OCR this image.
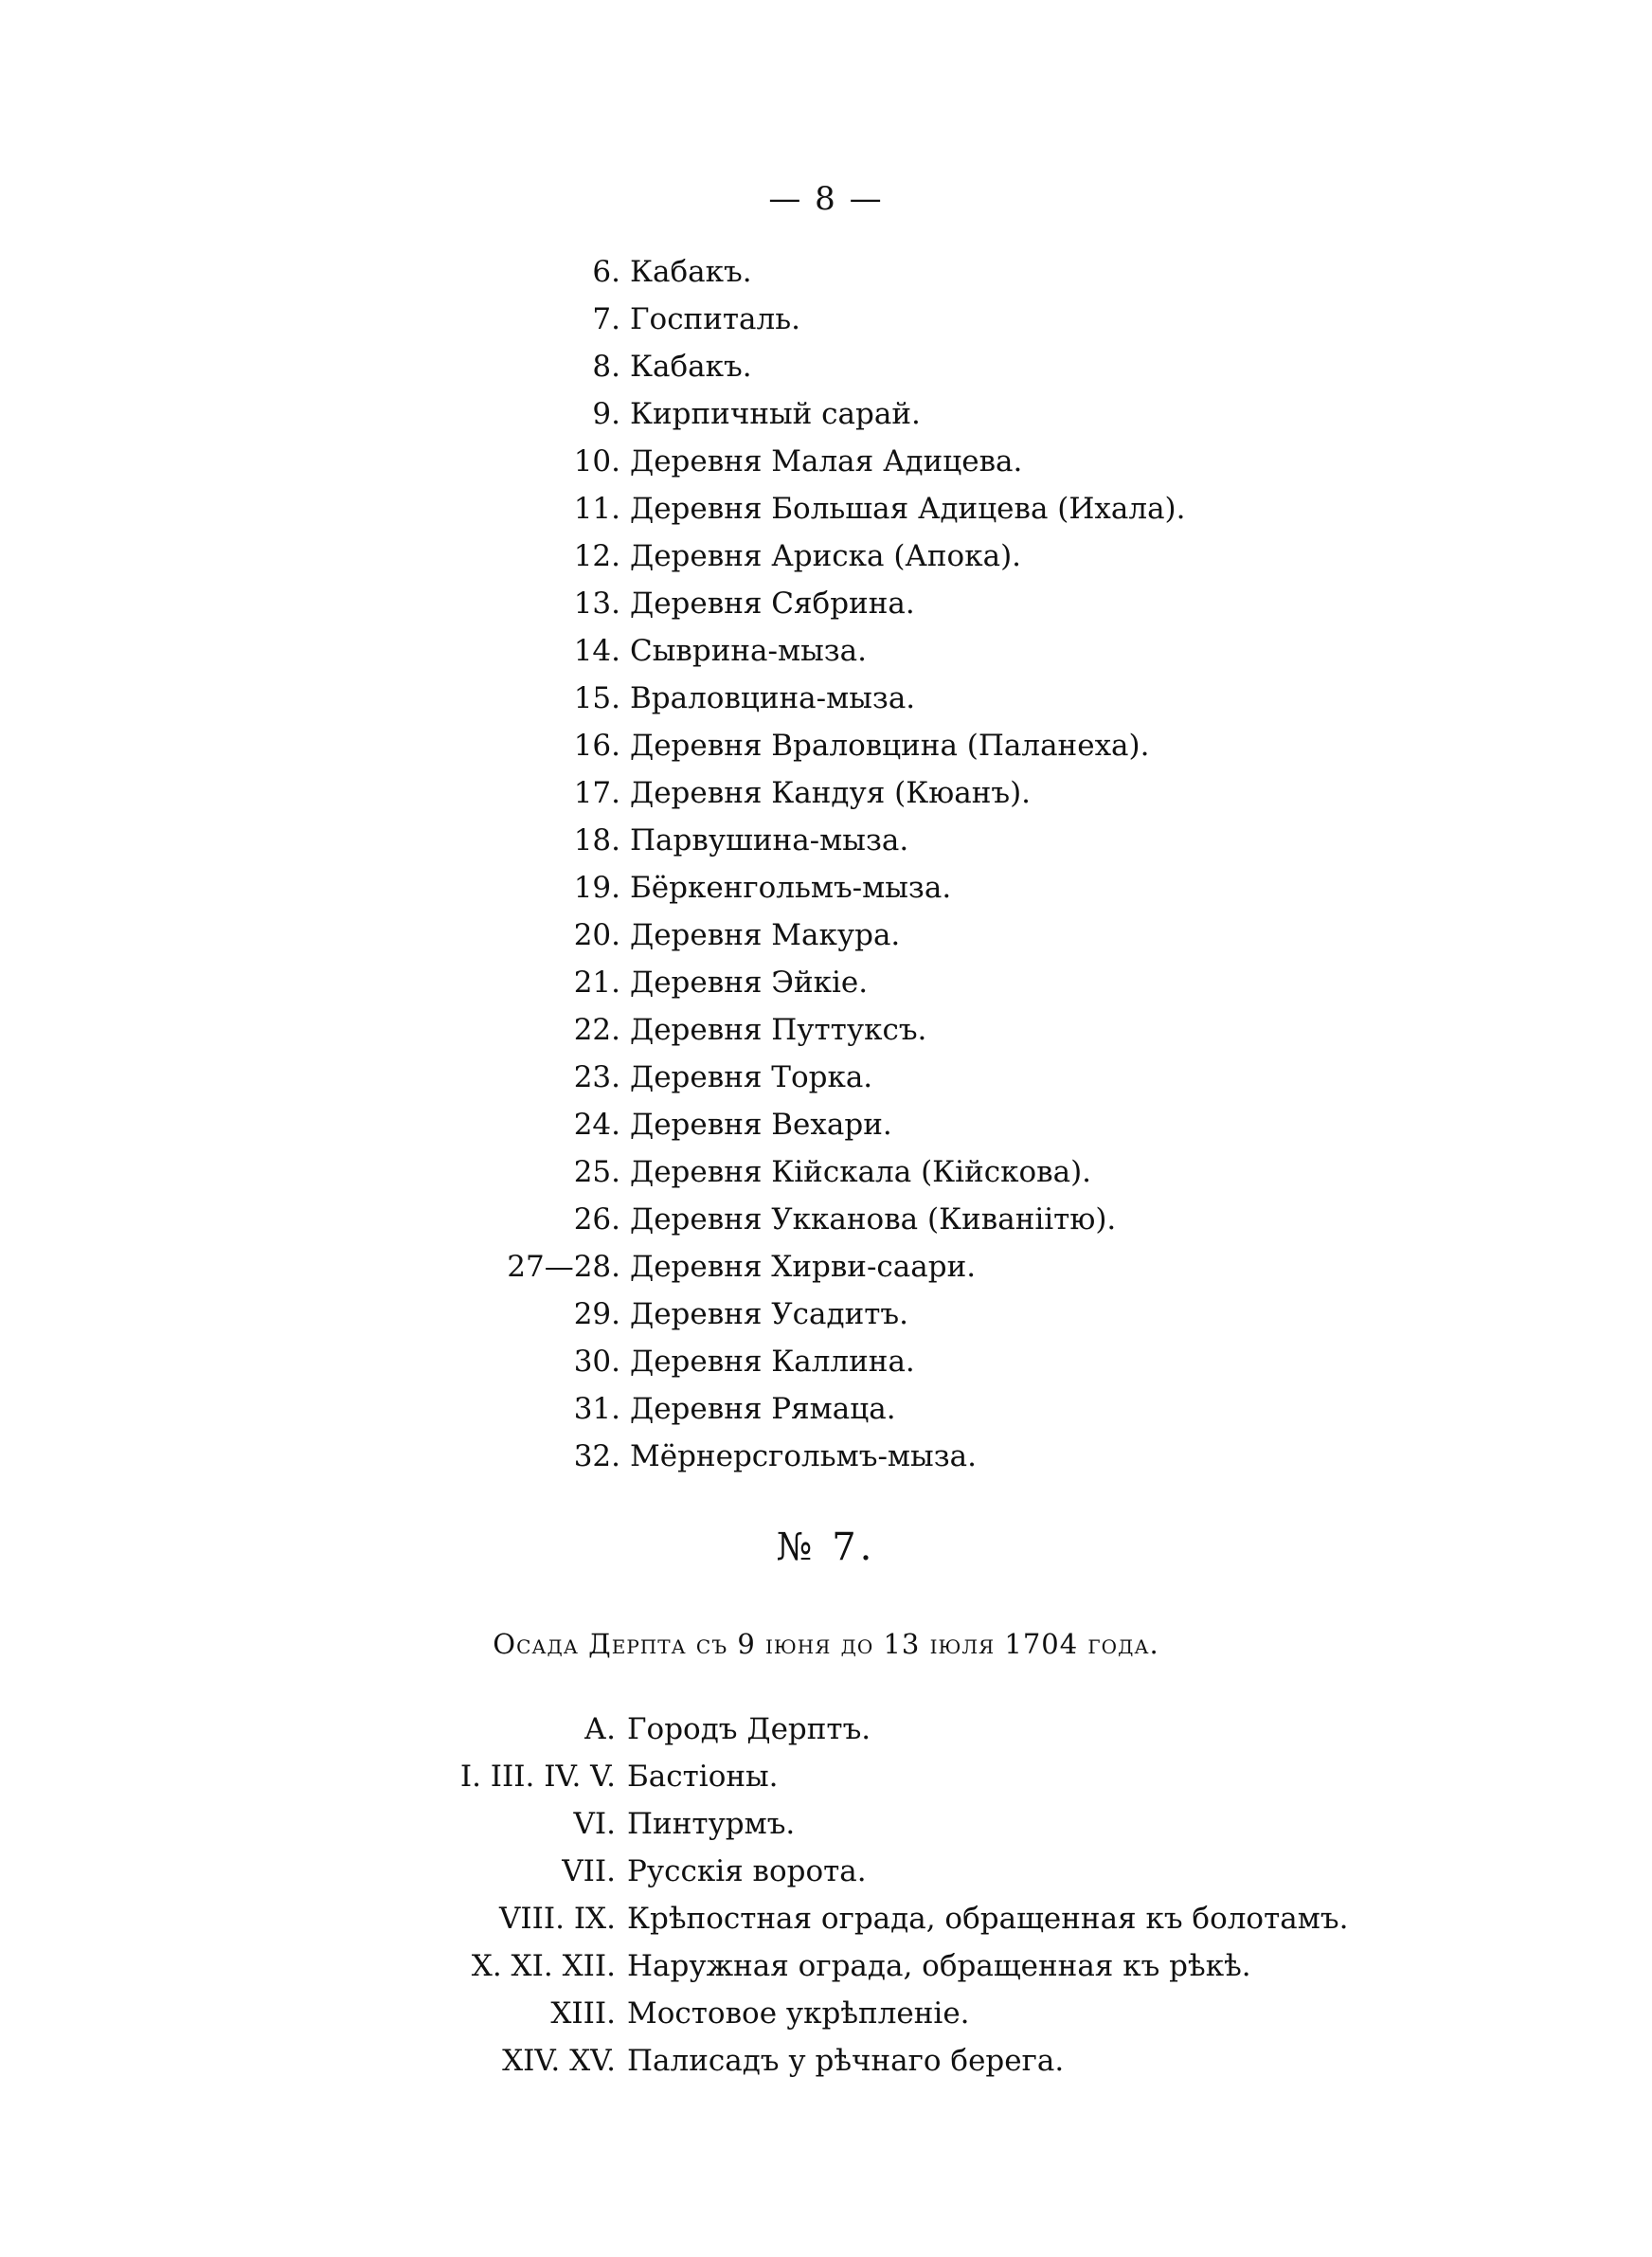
— 8 —
6. Кабакъ.
7. Госпиталь.
8. Кабакъ.
9. Кирпичный сарай.
10. Деревня Малая Адицева.
11. Деревня Большая Адицева (Ихала).
12. Деревня Ариска (Апока).
13. Деревня Сябрина.
14. Сыврина-мыза.
15. Враловцина-мыза.
16. Деревня Враловцина (Паланеха).
17. Деревня Кандуя (Кюанъ).
18. Парвушина-мыза.
19. Бёркенгольмъ-мыза.
20. Деревня Макура.
21. Деревня Эйкіе.
22. Деревня Путтуксъ.
23. Деревня Торка.
24. Деревня Вехари.
25. Деревня Кійскала (Кійскова).
26. Деревня Укканова (Киваніітю).
27—28. Деревня Хирви-саари.
29. Деревня Усадитъ.
30. Деревня Каллина.
31. Деревня Рямаца.
32. Мёрнерсгольмъ-мыза.
№ 7.
Осада Дерпта съ 9 іюня до 13 іюля 1704 года.
А. Городъ Дерптъ.
I. III. IV. V. Бастіоны.
VI. Пинтурмъ.
VII. Русскія ворота.
VIII. IX. Крѣпостная ограда, обращенная къ болотамъ.
X. XI. XII. Наружная ограда, обращенная къ рѣкѣ.
XIII. Мостовое укрѣпленіе.
XIV. XV. Палисадъ у рѣчнаго берега.
